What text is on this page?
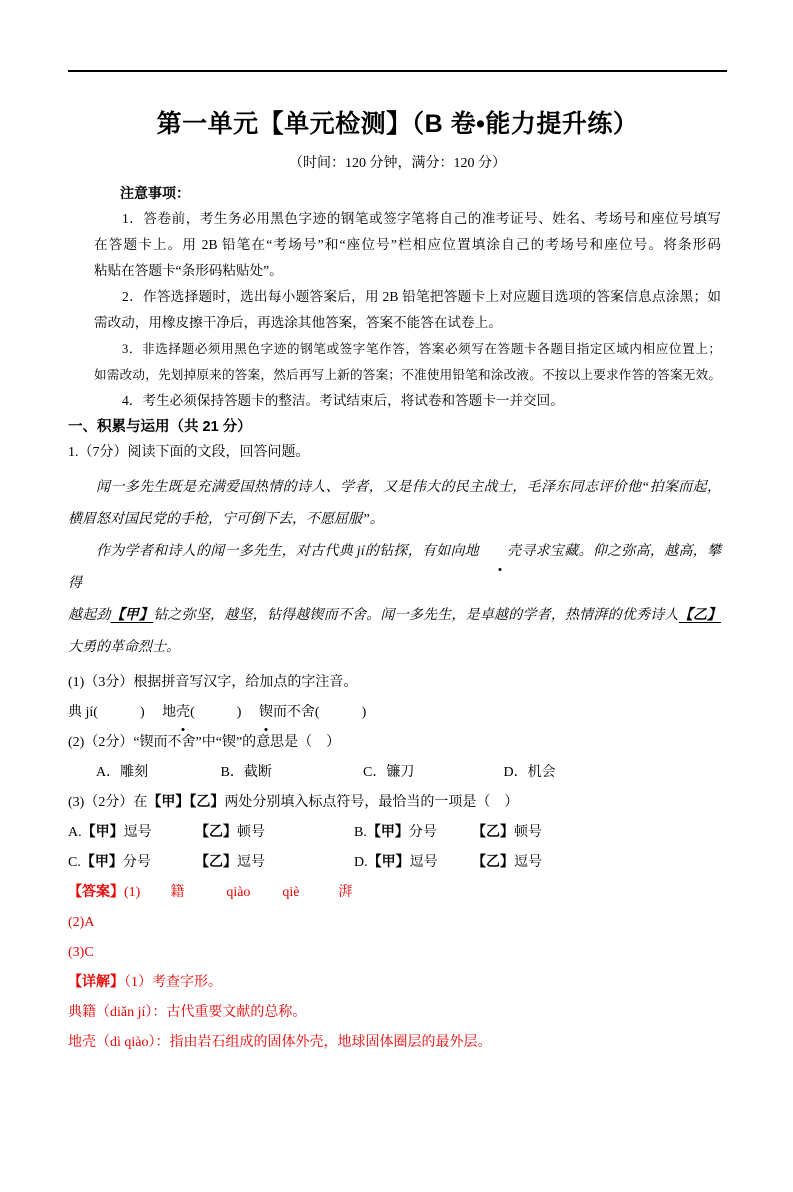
第一单元【单元检测】（B 卷•能力提升练）
（时间：120 分钟，满分：120 分）

注意事项：

1．答卷前，考生务必用黑色字迹的钢笔或签字笔将自己的准考证号、姓名、考场号和座位号填写
在答题卡上。用 2B 铅笔在“考场号”和“座位号”栏相应位置填涂自己的考场号和座位号。将条形码
粘贴在答题卡“条形码粘贴处”。
2．作答选择题时，选出每小题答案后，用 2B 铅笔把答题卡上对应题目选项的答案信息点涂黑；如
需改动，用橡皮擦干净后，再选涂其他答案，答案不能答在试卷上。
3．非选择题必须用黑色字迹的钢笔或签字笔作答，答案必须写在答题卡各题目指定区域内相应位置上；
如需改动，先划掉原来的答案，然后再写上新的答案；不准使用铅笔和涂改液。不按以上要求作答的答案无效。
4．考生必须保持答题卡的整洁。考试结束后，将试卷和答题卡一并交回。
一、积累与运用（共 21 分）

1.（7分）阅读下面的文段，回答问题。

闻一多先生既是充满爱国热情的诗人、学者，又是伟大的民主战士，毛泽东同志评价他“拍案而起，
横眉怒对国民党的手枪，宁可倒下去，不愿屈服”。
作为学者和诗人的闻一多先生，对古代典 jí的钻探，有如向地 壳寻求宝藏。仰之弥高，越高，攀得
越起劲【甲】钻之弥坚，越坚，钻得越锲而不舍。闻一多先生，是卓越的学者，热情湃的优秀诗人【乙】
大勇的革命烈士。

(1)（3分）根据拼音写汉字，给加点的字注音。

典 jí(　　　) 地壳(　　　) 锲而不舍(　　　)

(2)（2分）“锲而不舍”中“锲”的意思是（　）

A．雕刻	B．截断	C．镰刀	D．机会

(3)（2分）在【甲】【乙】两处分别填入标点符号，最恰当的一项是（　）

A.【甲】逗号	【乙】顿号	B.【甲】分号	【乙】顿号
C.【甲】分号	【乙】逗号	D.【甲】逗号	【乙】逗号

【答案】(1) 籍	qiào qiè	湃

(2)A

(3)C

【详解】（1）考查字形。

典籍（diǎn jí）：古代重要文献的总称。

地壳（dì qiào）：指由岩石组成的固体外壳，地球固体圈层的最外层。
